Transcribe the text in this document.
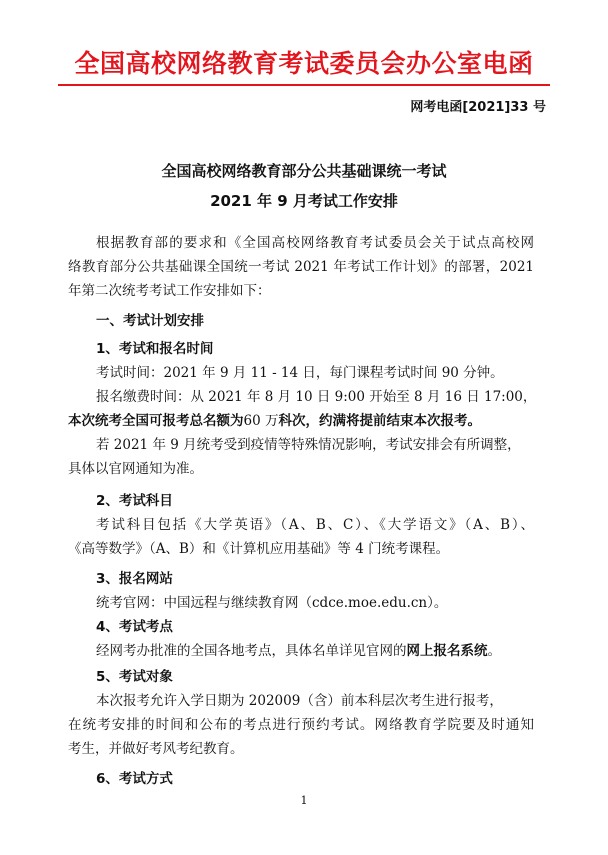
全国高校网络教育考试委员会办公室电函
网考电函[2021]33 号
全国高校网络教育部分公共基础课统一考试
2021 年 9 月考试工作安排
根据教育部的要求和《全国高校网络教育考试委员会关于试点高校网
络教育部分公共基础课全国统一考试 2021 年考试工作计划》的部署，2021
年第二次统考考试工作安排如下：
一、考试计划安排
1、考试和报名时间
考试时间：2021 年 9 月 11 - 14 日，每门课程考试时间 90 分钟。
报名缴费时间：从 2021 年 8 月 10 日 9:00 开始至 8 月 16 日 17:00，
本次统考全国可报考总名额为60 万科次，约满将提前结束本次报考。
若 2021 年 9 月统考受到疫情等特殊情况影响，考试安排会有所调整，
具体以官网通知为准。
2、考试科目
考试科目包括《大学英语》（A、B、C）、《大学语文》（A、B）、
《高等数学》（A、B）和《计算机应用基础》等 4 门统考课程。
3、报名网站
统考官网：中国远程与继续教育网（cdce.moe.edu.cn）。
4、考试考点
经网考办批准的全国各地考点，具体名单详见官网的网上报名系统。
5、考试对象
本次报考允许入学日期为 202009（含）前本科层次考生进行报考，
在统考安排的时间和公布的考点进行预约考试。网络教育学院要及时通知
考生，并做好考风考纪教育。
6、考试方式
1
